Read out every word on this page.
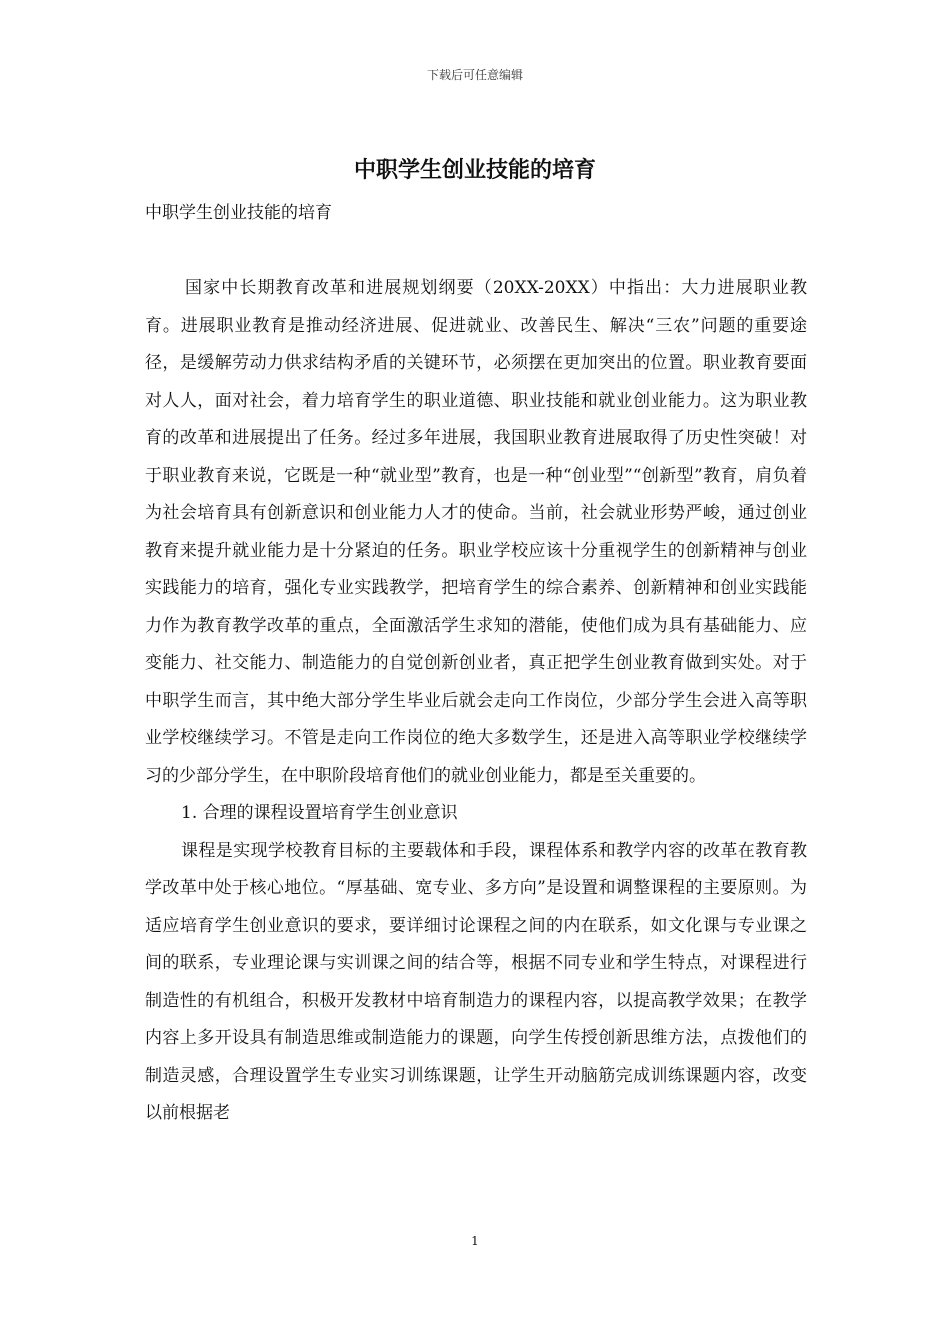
下载后可任意编辑
中职学生创业技能的培育

中职学生创业技能的培育

国家中长期教育改革和进展规划纲要（20XX-20XX）中指出：大力进展职业教育。进展职业教育是推动经济进展、促进就业、改善民生、解决“三农”问题的重要途径，是缓解劳动力供求结构矛盾的关键环节，必须摆在更加突出的位置。职业教育要面对人人，面对社会，着力培育学生的职业道德、职业技能和就业创业能力。这为职业教育的改革和进展提出了任务。经过多年进展，我国职业教育进展取得了历史性突破！对于职业教育来说，它既是一种“就业型”教育，也是一种“创业型”“创新型”教育，肩负着为社会培育具有创新意识和创业能力人才的使命。当前，社会就业形势严峻，通过创业教育来提升就业能力是十分紧迫的任务。职业学校应该十分重视学生的创新精神与创业实践能力的培育，强化专业实践教学，把培育学生的综合素养、创新精神和创业实践能力作为教育教学改革的重点，全面激活学生求知的潜能，使他们成为具有基础能力、应变能力、社交能力、制造能力的自觉创新创业者，真正把学生创业教育做到实处。对于中职学生而言，其中绝大部分学生毕业后就会走向工作岗位，少部分学生会进入高等职业学校继续学习。不管是走向工作岗位的绝大多数学生，还是进入高等职业学校继续学习的少部分学生，在中职阶段培育他们的就业创业能力，都是至关重要的。

1. 合理的课程设置培育学生创业意识

课程是实现学校教育目标的主要载体和手段，课程体系和教学内容的改革在教育教学改革中处于核心地位。“厚基础、宽专业、多方向”是设置和调整课程的主要原则。为适应培育学生创业意识的要求，要详细讨论课程之间的内在联系，如文化课与专业课之间的联系，专业理论课与实训课之间的结合等，根据不同专业和学生特点，对课程进行制造性的有机组合，积极开发教材中培育制造力的课程内容，以提高教学效果；在教学内容上多开设具有制造思维或制造能力的课题，向学生传授创新思维方法，点拨他们的制造灵感，合理设置学生专业实习训练课题，让学生开动脑筋完成训练课题内容，改变以前根据老

1
